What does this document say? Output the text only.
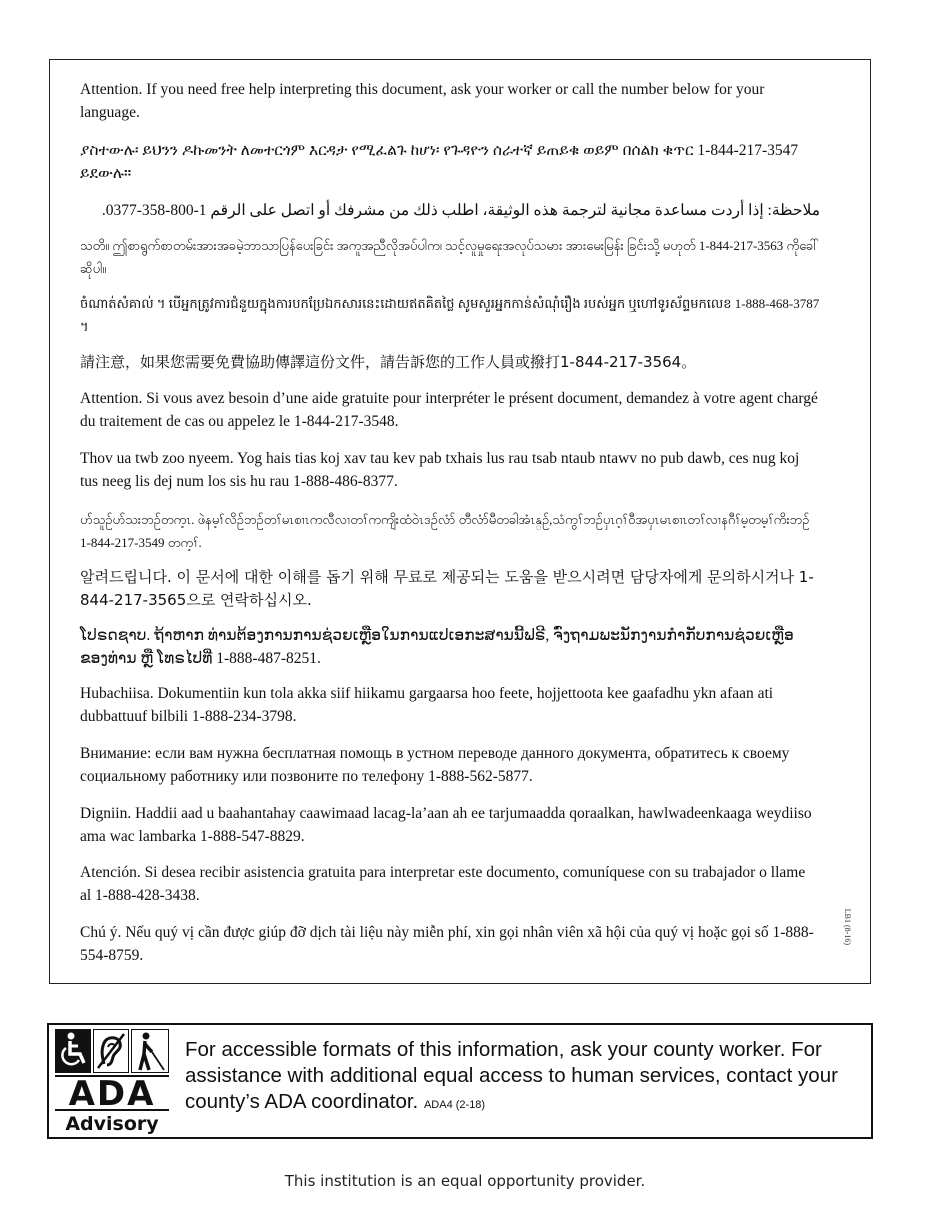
Attention. If you need free help interpreting this document, ask your worker or call the number below for your language.

ያስተውሉ፡ ይህንን ዶኩመንት ለመተርጎም እርዳታ የሚፈልጉ ከሆነ፡ የጉዳዮን ሰራተኛ ይጠይቁ ወይም በሰልክ ቁጥር 1-844-217-3547 ይደውሉ።

ملاحظة: إذا أردت مساعدة مجانية لترجمة هذه الوثيقة، اطلب ذلك من مشرفك أو اتصل على الرقم 1-800-358-0377.

သတိ။ ဤစာရွက်စာတမ်းအားအခမဲ့ဘာသာပြန်ပေးခြင်း အကူအညီလိုအပ်ပါက၊ သင့်လူမှုရေးအလုပ်သမား အားမေးမြန်း ခြင်းသို့ မဟုတ် 1-844-217-3563 ကိုခေါ်ဆိုပါ။

ចំណាត់សំគាល់ ។ បើអ្នកត្រូវការជំនួយក្នុងការបកប្រែឯកសារនេះដោយឥតគិតថ្លៃ សូមសួរអ្នកកាន់សំណុំរឿង របស់អ្នក ឬហៅទូរស័ព្ទមកលេខ 1-888-468-3787 ។

請注意，如果您需要免費協助傳譯這份文件，請告訴您的工作人員或撥打1-844-217-3564。

Attention. Si vous avez besoin d’une aide gratuite pour interpréter le présent document, demandez à votre agent chargé du traitement de cas ou appelez le 1-844-217-3548.

Thov ua twb zoo nyeem. Yog hais tias koj xav tau kev pab txhais lus rau tsab ntaub ntawv no pub dawb, ces nug koj tus neeg lis dej num los sis hu rau 1-888-486-8377.

ဟ်သူဉ်ဟ်သးဘဉ်တက့ၤ. ဖဲနမ့ၢ်လိဉ်ဘဉ်တၢ်မၤစၢၤကလီလၢတၢ်ကကျိးထံဝဲၤဒဉ်လံာ် တီလံာ်မီတခါအံၤန္ဉ်,သံကွၢ်ဘဉ်ပှၤဂ့ၢ်ဝီအပှၤမၤစၢၤတၢ်လၢနဂီၢ်မ့တမ့ၢ်ကိးဘဉ် 1-844-217-3549 တက့ၢ်.

알려드립니다. 이 문서에 대한 이해를 돕기 위해 무료로 제공되는 도움을 받으시려면 담당자에게 문의하시거나 1-844-217-3565으로 연락하십시오.

ໂປຣດຊາບ. ຖ້າຫາກ ທ່ານຕ້ອງການການຊ່ວຍເຫຼືອໃນການແປເອກະສານນີ້ຟຣີ, ຈົ່ງຖາມພະນັກງານກໍາກັບການຊ່ວຍເຫຼືອ ຂອງທ່ານ ຫຼື ໂທຣໄປທີ່ 1-888-487-8251.

Hubachiisa. Dokumentiin kun tola akka siif hiikamu gargaarsa hoo feete, hojjettoota kee gaafadhu ykn afaan ati dubbattuuf bilbili 1-888-234-3798.

Внимание: если вам нужна бесплатная помощь в устном переводе данного документа, обратитесь к своему социальному работнику или позвоните по телефону 1-888-562-5877.

Digniin. Haddii aad u baahantahay caawimaad lacag-la’aan ah ee tarjumaadda qoraalkan, hawlwadeenkaaga weydiiso ama wac lambarka 1-888-547-8829.

Atención. Si desea recibir asistencia gratuita para interpretar este documento, comuníquese con su trabajador o llame al 1-888-428-3438.

Chú ý. Nếu quý vị cần được giúp đỡ dịch tài liệu này miễn phí, xin gọi nhân viên xã hội của quý vị hoặc gọi số 1-888-554-8759.

LB1 (8-16)
ADA
Advisory

For accessible formats of this information, ask your county worker. For assistance with additional equal access to human services, contact your county’s ADA coordinator. ADA4 (2-18)

This institution is an equal opportunity provider.
